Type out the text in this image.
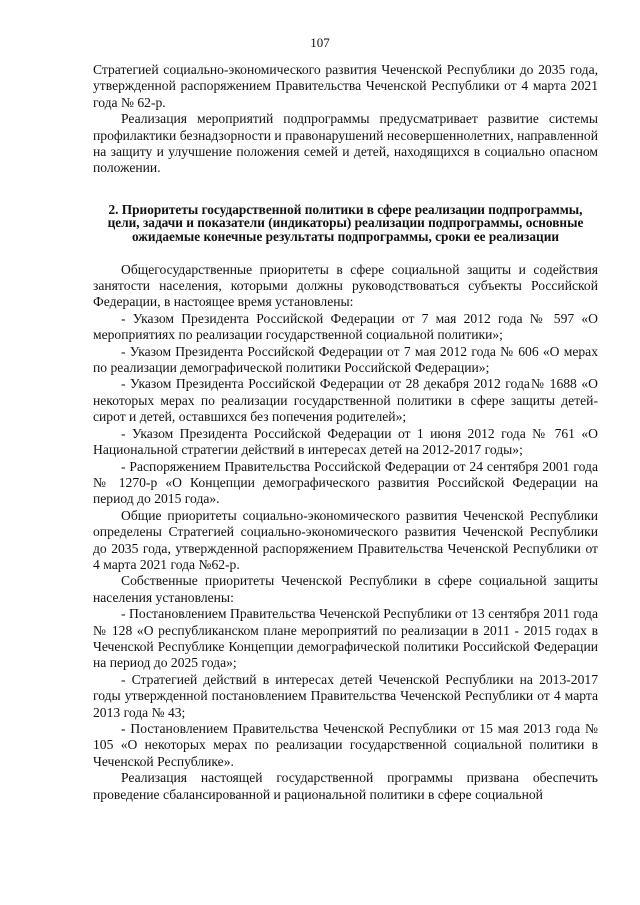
107

Стратегией социально-экономического развития Чеченской Республики до 2035 года, утвержденной распоряжением Правительства Чеченской Республики от 4 марта 2021 года № 62-р.

Реализация мероприятий подпрограммы предусматривает развитие системы профилактики безнадзорности и правонарушений несовершеннолетних, направленной на защиту и улучшение положения семей и детей, находящихся в социально опасном положении.

2. Приоритеты государственной политики в сфере реализации подпрограммы, цели, задачи и показатели (индикаторы) реализации подпрограммы, основные ожидаемые конечные результаты подпрограммы, сроки ее реализации

Общегосударственные приоритеты в сфере социальной защиты и содействия занятости населения, которыми должны руководствоваться субъекты Российской Федерации, в настоящее время установлены:

- Указом Президента Российской Федерации от 7 мая 2012 года № 597 «О мероприятиях по реализации государственной социальной политики»;

- Указом Президента Российской Федерации от 7 мая 2012 года № 606 «О мерах по реализации демографической политики Российской Федерации»;

- Указом Президента Российской Федерации от 28 декабря 2012 года№ 1688 «О некоторых мерах по реализации государственной политики в сфере защиты детей-сирот и детей, оставшихся без попечения родителей»;

- Указом Президента Российской Федерации от 1 июня 2012 года № 761 «О Национальной стратегии действий в интересах детей на 2012-2017 годы»;

- Распоряжением Правительства Российской Федерации от 24 сентября 2001 года № 1270-р «О Концепции демографического развития Российской Федерации на период до 2015 года».

Общие приоритеты социально-экономического развития Чеченской Республики определены Стратегией социально-экономического развития Чеченской Республики до 2035 года, утвержденной распоряжением Правительства Чеченской Республики от 4 марта 2021 года №62-р.

Собственные приоритеты Чеченской Республики в сфере социальной защиты населения установлены:

- Постановлением Правительства Чеченской Республики от 13 сентября 2011 года № 128 «О республиканском плане мероприятий по реализации в 2011 - 2015 годах в Чеченской Республике Концепции демографической политики Российской Федерации на период до 2025 года»;

- Стратегией действий в интересах детей Чеченской Республики на 2013-2017 годы утвержденной постановлением Правительства Чеченской Республики от 4 марта 2013 года № 43;

- Постановлением Правительства Чеченской Республики от 15 мая 2013 года № 105 «О некоторых мерах по реализации государственной социальной политики в Чеченской Республике».

Реализация настоящей государственной программы призвана обеспечить проведение сбалансированной и рациональной политики в сфере социальной
